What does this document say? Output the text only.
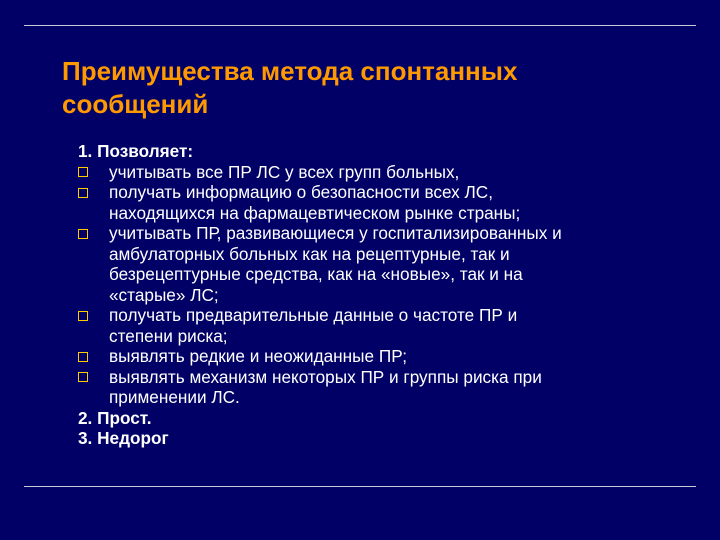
Преимущества метода спонтанных
сообщений
1. Позволяет:
учитывать все ПР ЛС у всех групп больных,
получать информацию о безопасности всех ЛС,
находящихся на фармацевтическом рынке страны;
учитывать ПР, развивающиеся у госпитализированных и
амбулаторных больных как на рецептурные, так и
безрецептурные средства, как на «новые», так и на
«старые» ЛС;
получать предварительные данные о частоте ПР и
степени риска;
выявлять редкие и неожиданные ПР;
выявлять механизм некоторых ПР и группы риска при
применении ЛС.
2. Прост.
3. Недорог
